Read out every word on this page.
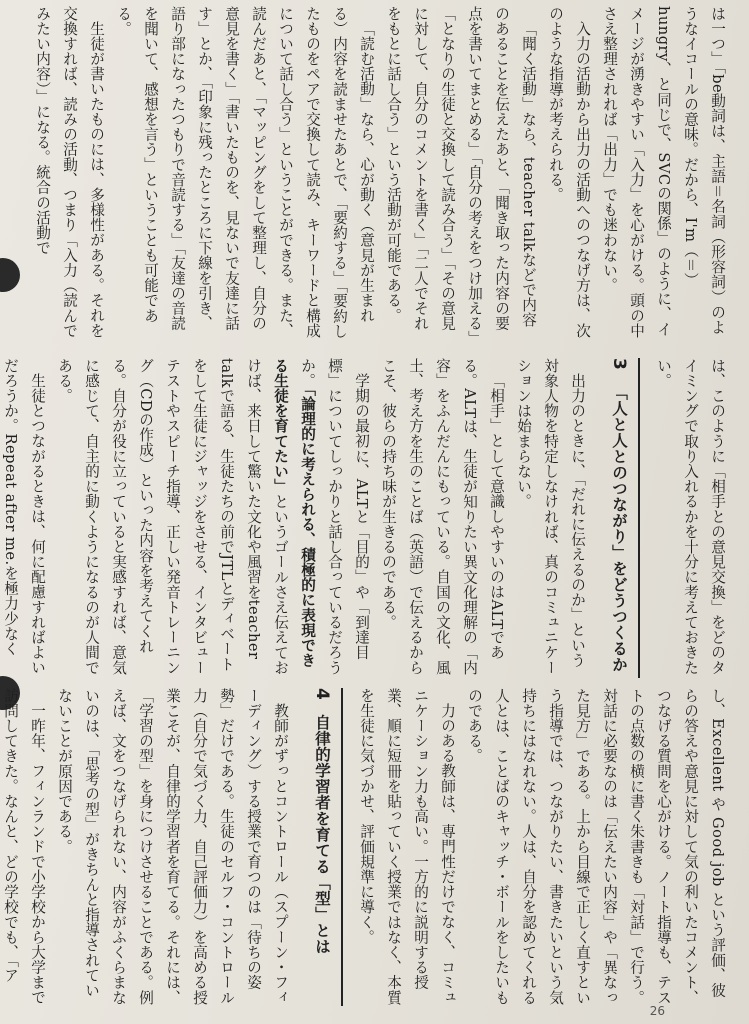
は一つ」「be動詞は、主語＝名詞（形容詞）のようなイコールの意味。だから、I'm（＝）hungry、と同じで、SVCの関係」のように、イメージが湧きやすい「入力」を心がける。頭の中さえ整理されれば「出力」でも迷わない。

入力の活動から出力の活動へのつなげ方は、次のような指導が考えられる。

「聞く活動」なら、teacher talkなどで内容のあることを伝えたあと、「聞き取った内容の要点を書いてまとめる」「自分の考えをつけ加える」「となりの生徒と交換して読み合う」「その意見に対して、自分のコメントを書く」「二人でそれをもとに話し合う」という活動が可能である。

「読む活動」なら、心が動く（意見が生まれる）内容を読ませたあとで、「要約する」「要約したものをペアで交換して読み、キーワードと構成について話し合う」ということができる。また、読んだあと、「マッピングをして整理し、自分の意見を書く」「書いたものを、見ないで友達に話す」とか、「印象に残ったところに下線を引き、語り部になったつもりで音読する」「友達の音読を聞いて、感想を言う」ということも可能である。

生徒が書いたものには、多様性がある。それを交換すれば、読みの活動、つまり「入力（読んでみたい内容）」になる。統合の活動で

は、このように「相手との意見交換」をどのタイミングで取り入れるかを十分に考えておきたい。

3 「人と人とのつながり」をどうつくるか

出力のときに、「だれに伝えるのか」という対象人物を特定しなければ、真のコミュニケーションは始まらない。

「相手」として意識しやすいのはALTである。ALTは、生徒が知りたい異文化理解の「内容」をふんだんにもっている。自国の文化、風土、考え方を生のことば（英語）で伝えるからこそ、彼らの持ち味が生きるのである。

学期の最初に、ALTと「目的」や「到達目標」についてしっかりと話し合っているだろうか。「論理的に考えられる、積極的に表現できる生徒を育てたい」というゴールさえ伝えておけば、来日して驚いた文化や風習をteacher talkで語る、生徒たちの前でJTLとディベートをして生徒にジャッジをさせる、インタビューテストやスピーチ指導、正しい発音トレーニング（CDの作成）といった内容を考えてくれる。自分が役に立っていると実感すれば、意気に感じて、自主的に動くようになるのが人間である。

生徒とつながるときは、何に配慮すればよいだろうか。Repeat after me.を極力少なく

し、Excellent や Good job という評価、彼らの答えや意見に対して気の利いたコメント、つなげる質問を心がける。ノート指導も、テストの点数の横に書く朱書きも「対話」で行う。対話に必要なのは「伝えたい内容」や「異なった見方」である。上から目線で正しく直すという指導では、つながりたい、書きたいという気持ちにはなれない。人は、自分を認めてくれる人とは、ことばのキャッチ・ボールをしたいものである。

力のある教師は、専門性だけでなく、コミュニケーション力も高い。一方的に説明する授業、順に短冊を貼っていく授業ではなく、本質を生徒に気づかせ、評価規準に導く。

4 自律的学習者を育てる「型」とは

教師がずっとコントロール（スプーン・フィーディング）する授業で育つのは「待ちの姿勢」だけである。生徒のセルフ・コントロール力（自分で気づく力、自己評価力）を高める授業こそが、自律的学習者を育てる。それには、「学習の型」を身につけさせることである。例えば、文をつなげられない、内容がふくらまないのは、「思考の型」がきちんと指導されていないことが原因である。

一昨年、フィンランドで小学校から大学まで訪問してきた。なんと、どの学校でも、「ア

26
